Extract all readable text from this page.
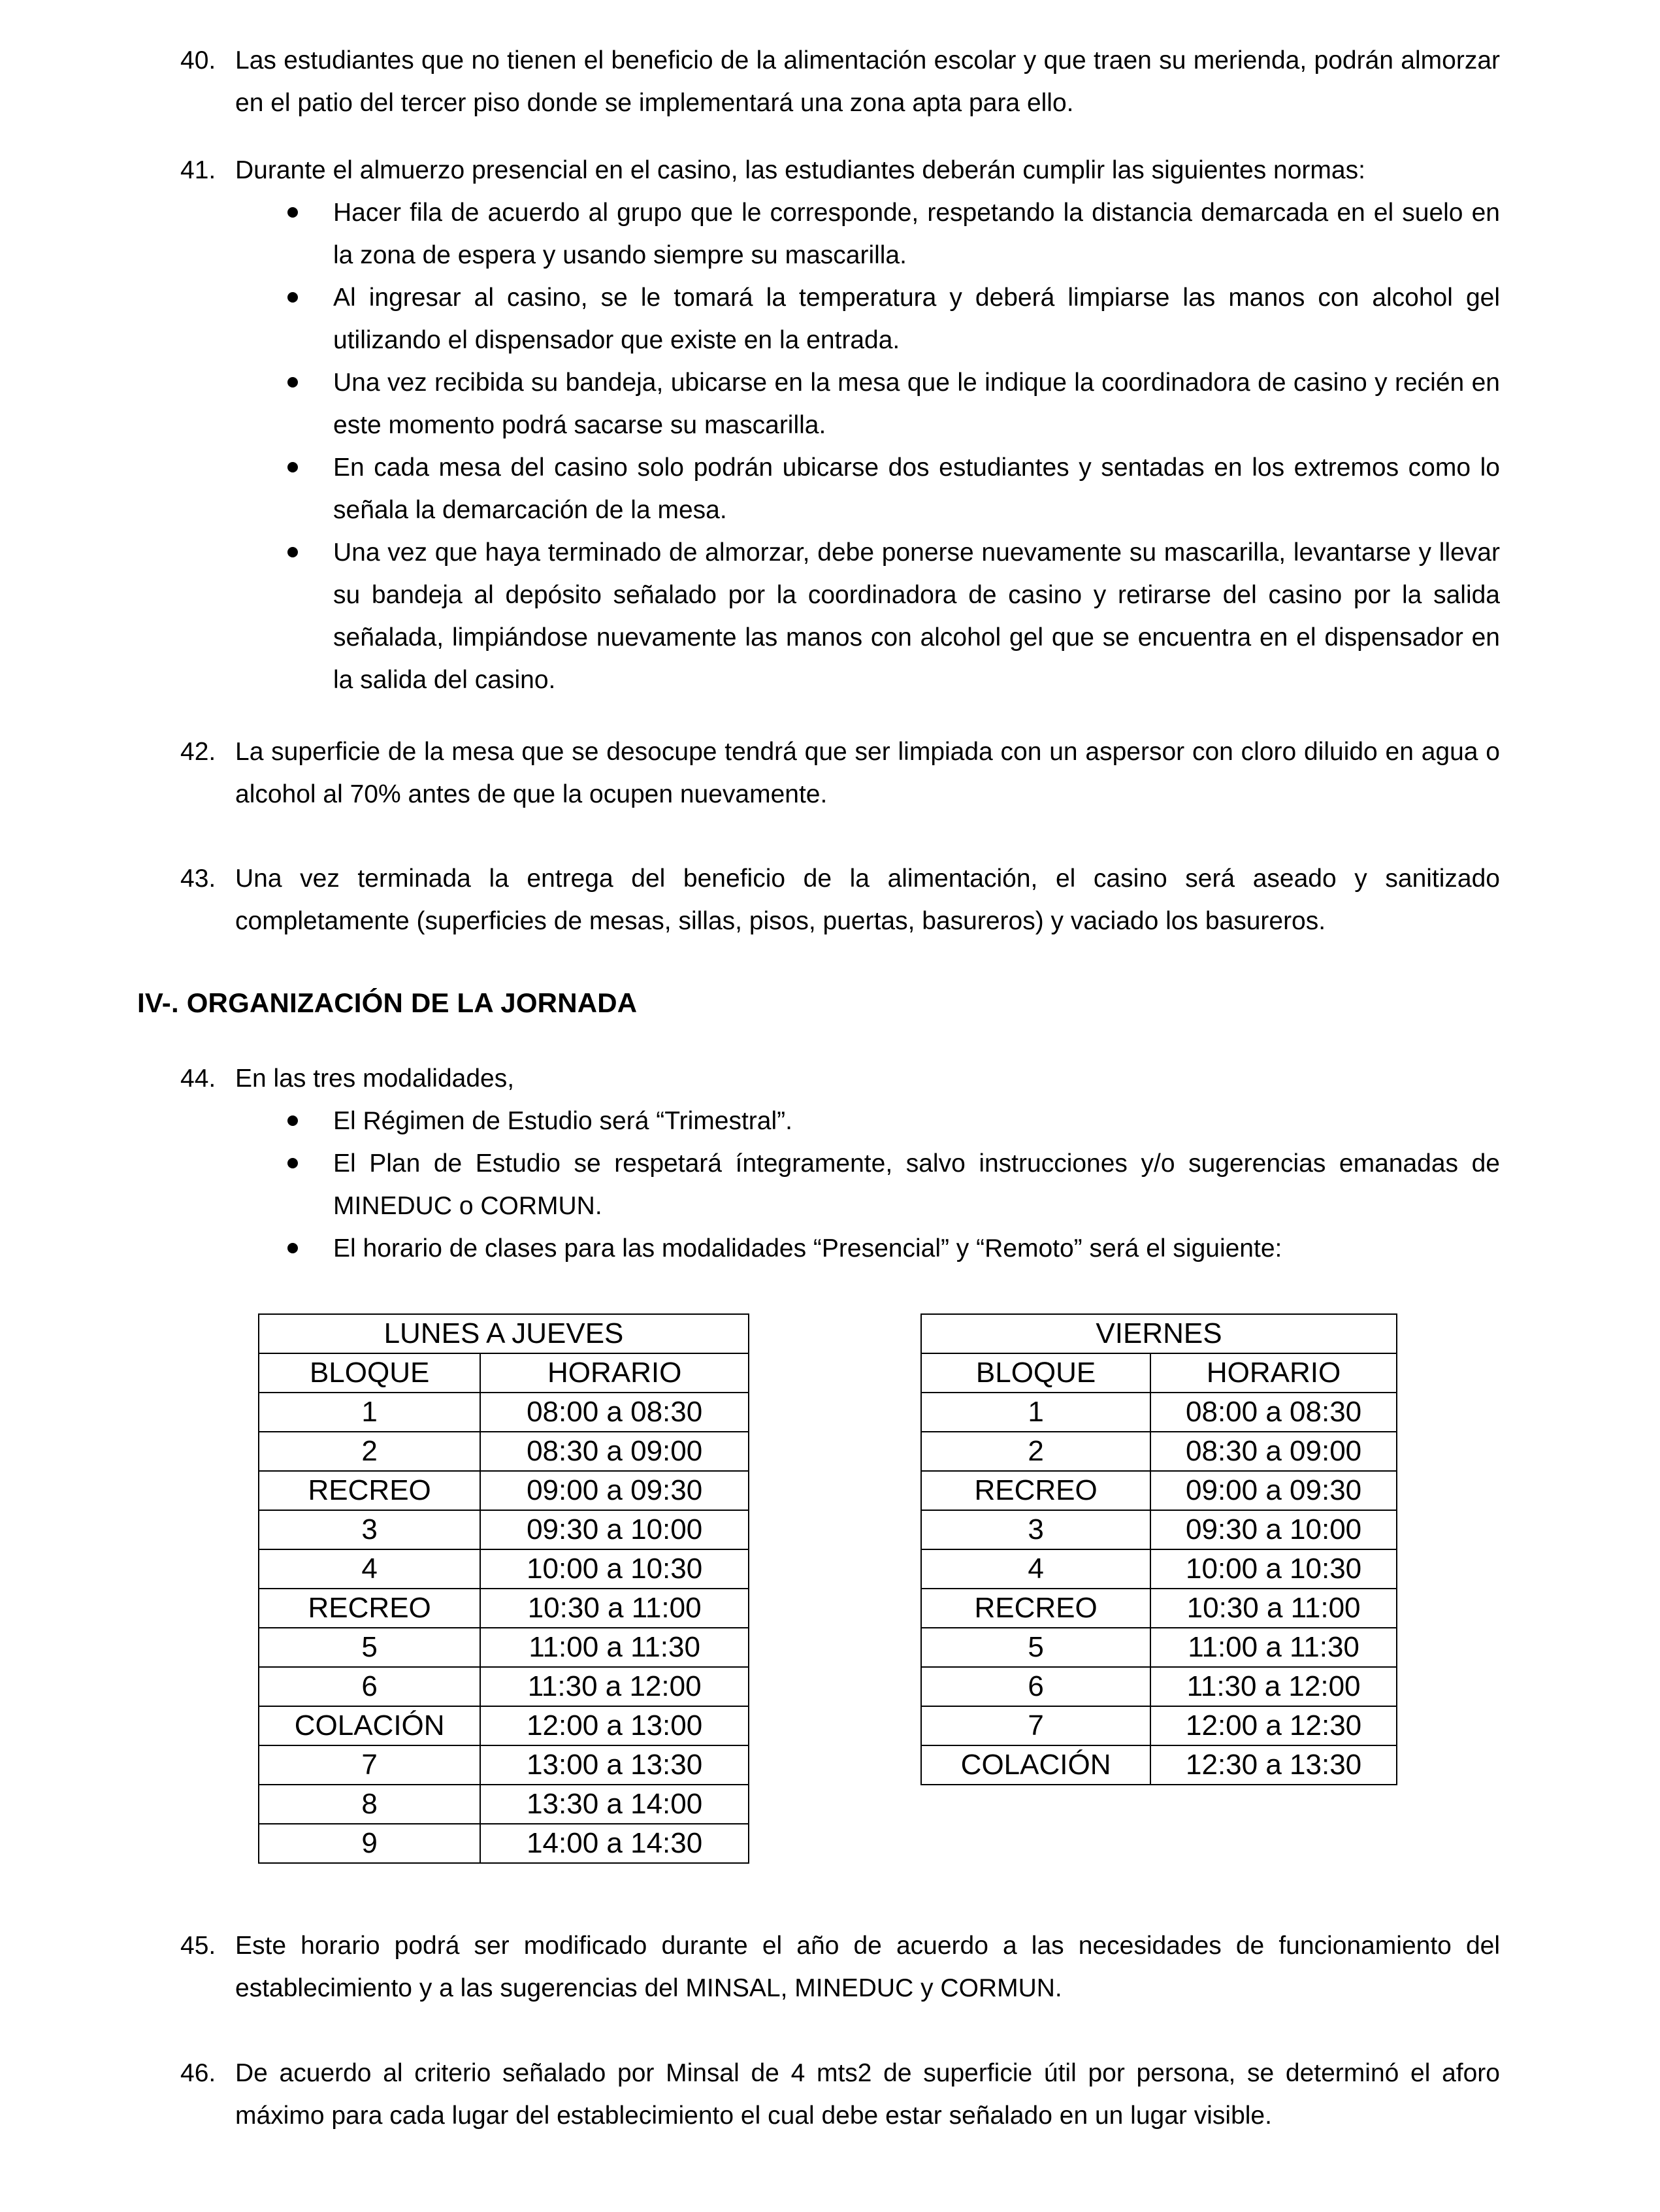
40. Las estudiantes que no tienen el beneficio de la alimentación escolar y que traen su merienda, podrán almorzar en el patio del tercer piso donde se implementará una zona apta para ello.
41. Durante el almuerzo presencial en el casino, las estudiantes deberán cumplir las siguientes normas:
Hacer fila de acuerdo al grupo que le corresponde, respetando la distancia demarcada en el suelo en la zona de espera y usando siempre su mascarilla.
Al ingresar al casino, se le tomará la temperatura y deberá limpiarse las manos con alcohol gel utilizando el dispensador que existe en la entrada.
Una vez recibida su bandeja, ubicarse en la mesa que le indique la coordinadora de casino y recién en este momento podrá sacarse su mascarilla.
En cada mesa del casino solo podrán ubicarse dos estudiantes y sentadas en los extremos como lo señala la demarcación de la mesa.
Una vez que haya terminado de almorzar, debe ponerse nuevamente su mascarilla, levantarse y llevar su bandeja al depósito señalado por la coordinadora de casino y retirarse del casino por la salida señalada, limpiándose nuevamente las manos con alcohol gel que se encuentra en el dispensador en la salida del casino.
42. La superficie de la mesa que se desocupe tendrá que ser limpiada con un aspersor con cloro diluido en agua o alcohol al 70% antes de que la ocupen nuevamente.
43. Una vez terminada la entrega del beneficio de la alimentación, el casino será aseado y sanitizado completamente (superficies de mesas, sillas, pisos, puertas, basureros) y vaciado los basureros.
IV-. ORGANIZACIÓN DE LA JORNADA
44. En las tres modalidades,
El Régimen de Estudio será “Trimestral”.
El Plan de Estudio se respetará íntegramente, salvo instrucciones y/o sugerencias emanadas de MINEDUC o CORMUN.
El horario de clases para las modalidades “Presencial” y “Remoto” será el siguiente:
LUNES A JUEVES	
BLOQUE	HORARIO
1	08:00 a 08:30
2	08:30 a 09:00
RECREO	09:00 a 09:30
3	09:30 a 10:00
4	10:00 a 10:30
RECREO	10:30 a 11:00
5	11:00 a 11:30
6	11:30 a 12:00
COLACIÓN	12:00 a 13:00
7	13:00 a 13:30
8	13:30 a 14:00
9	14:00 a 14:30
VIERNES	
BLOQUE	HORARIO
1	08:00 a 08:30
2	08:30 a 09:00
RECREO	09:00 a 09:30
3	09:30 a 10:00
4	10:00 a 10:30
RECREO	10:30 a 11:00
5	11:00 a 11:30
6	11:30 a 12:00
7	12:00 a 12:30
COLACIÓN	12:30 a 13:30
45. Este horario podrá ser modificado durante el año de acuerdo a las necesidades de funcionamiento del establecimiento y a las sugerencias del MINSAL, MINEDUC y CORMUN.
46. De acuerdo al criterio señalado por Minsal de 4 mts2 de superficie útil por persona, se determinó el aforo máximo para cada lugar del establecimiento el cual debe estar señalado en un lugar visible.
